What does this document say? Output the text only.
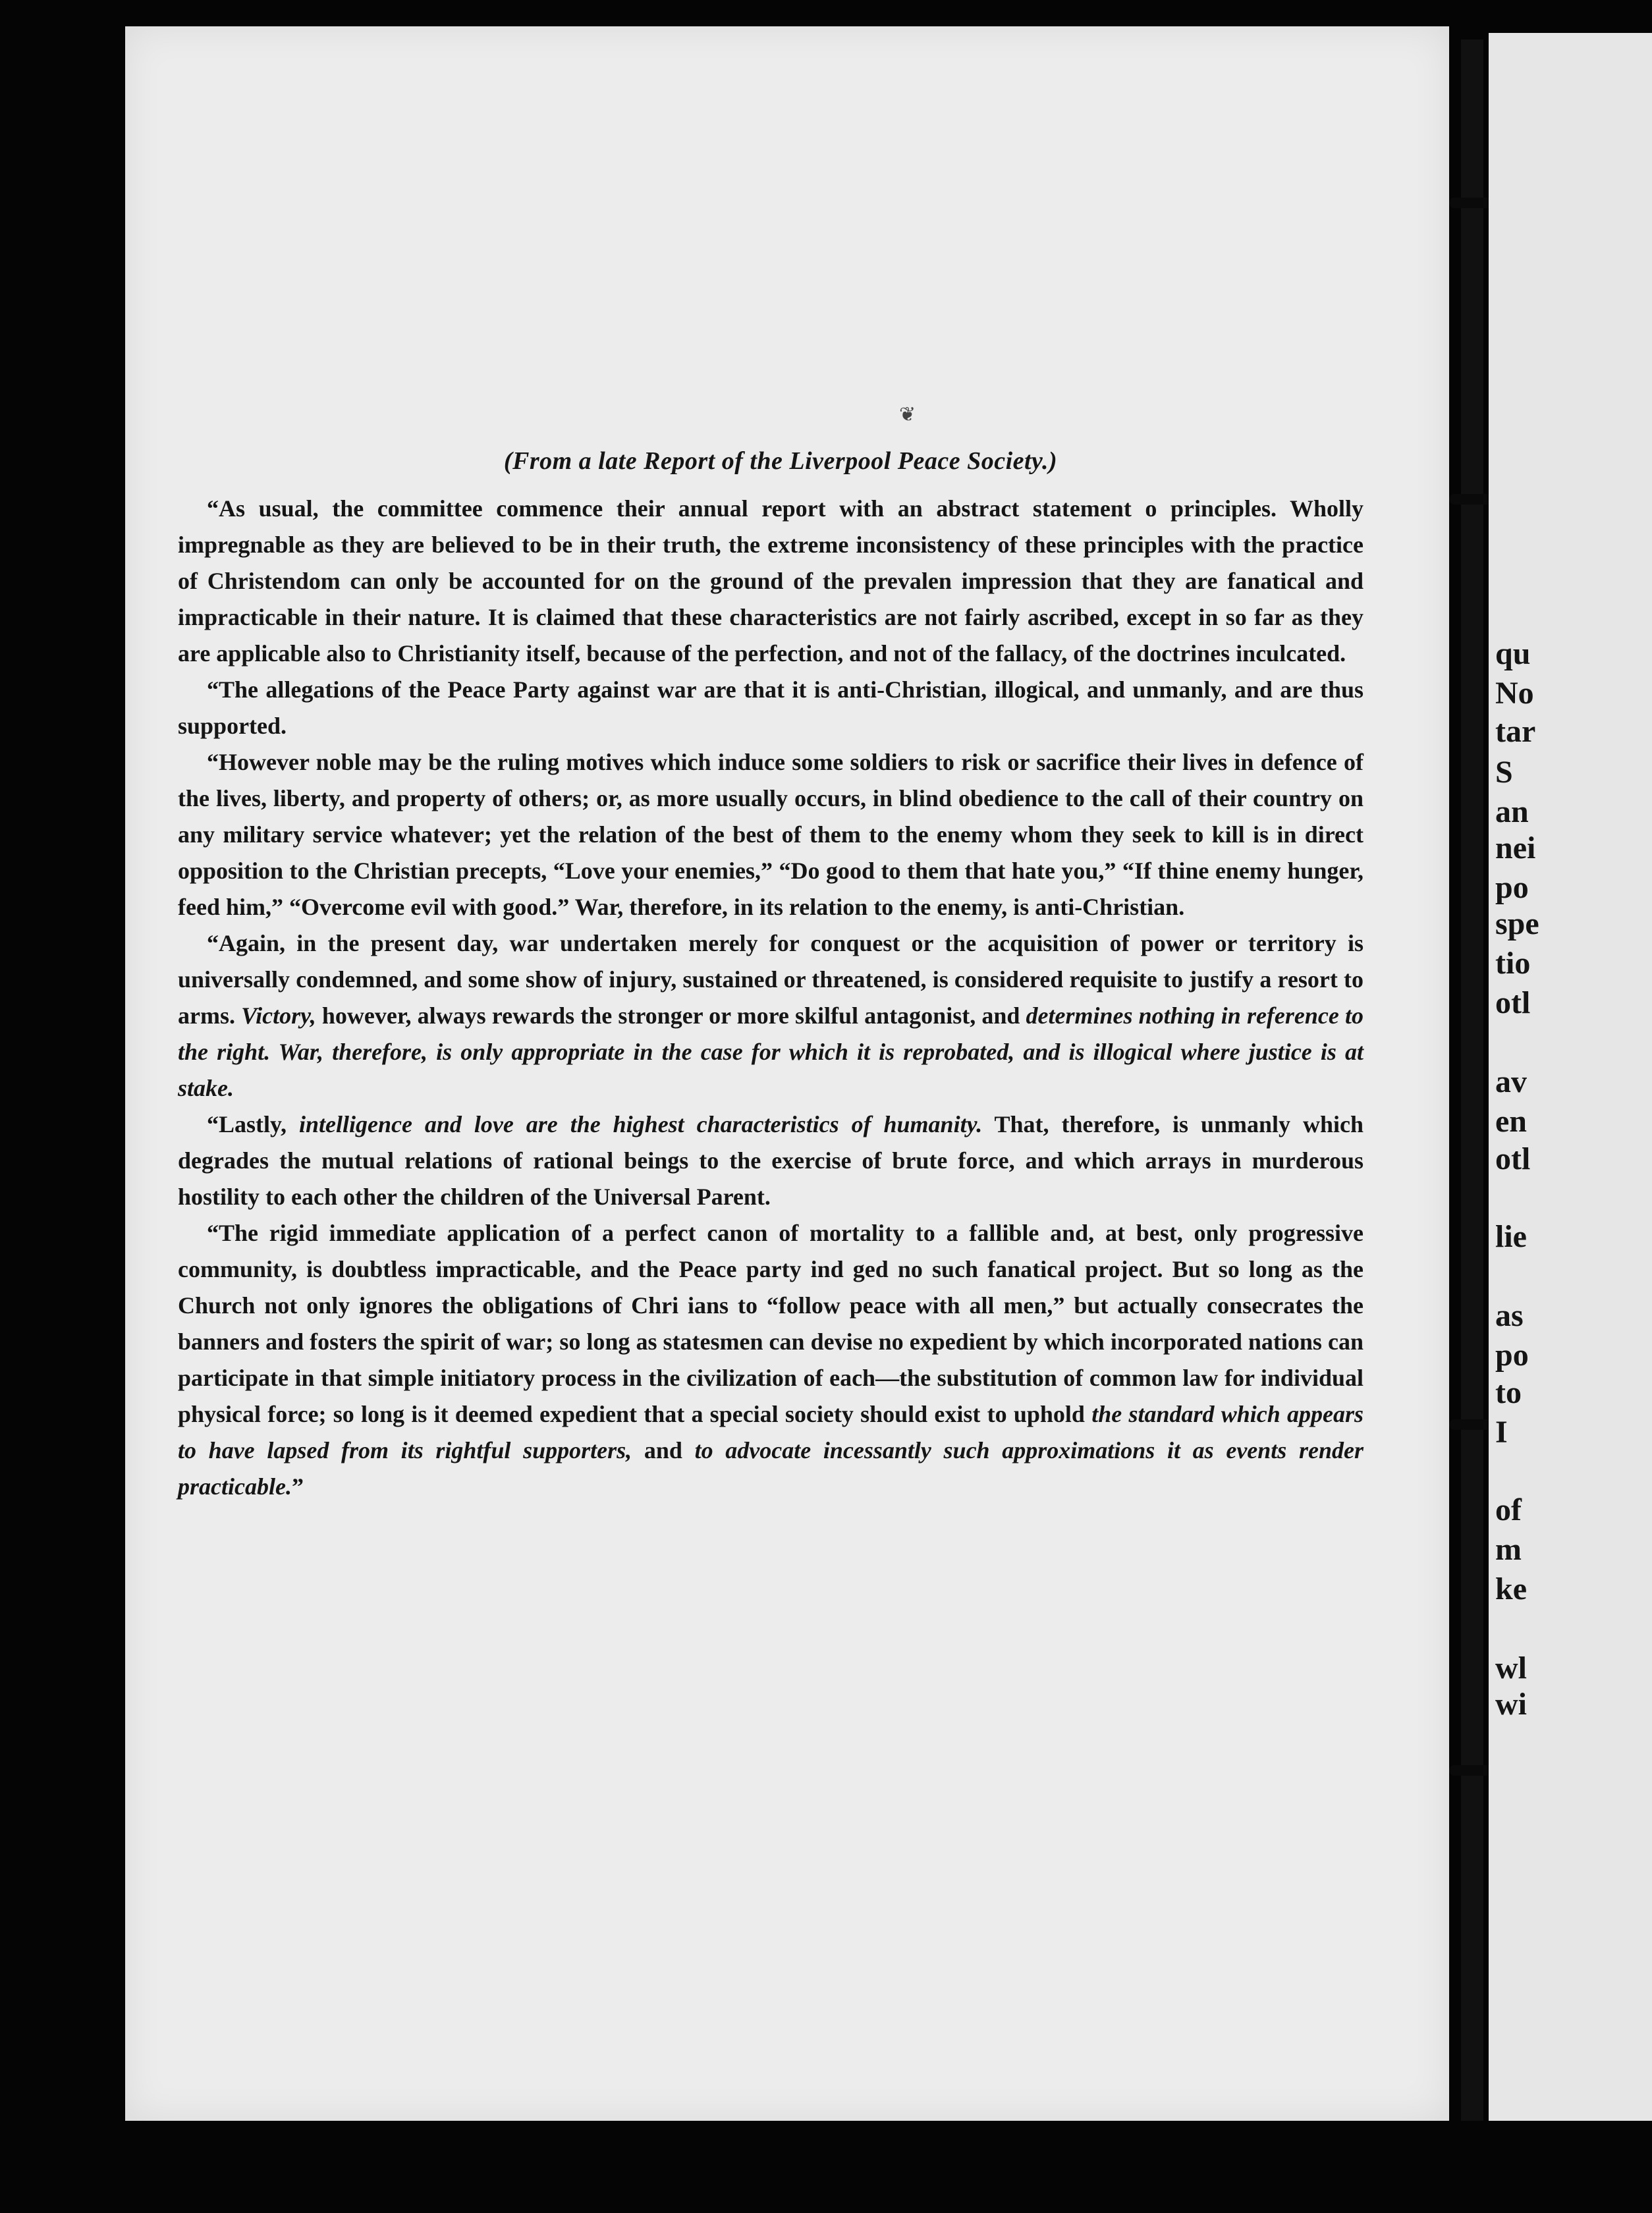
❦
(From a late Report of the Liverpool Peace Society.)

“As usual, the committee commence their annual report with an abstract statement o principles. Wholly impregnable as they are believed to be in their truth, the extreme inconsistency of these principles with the practice of Christendom can only be accounted for on the ground of the prevalen impression that they are fanatical and impracticable in their nature. It is claimed that these characteristics are not fairly ascribed, except in so far as they are applicable also to Christianity itself, because of the perfection, and not of the fallacy, of the doctrines inculcated.

“The allegations of the Peace Party against war are that it is anti-Christian, illogical, and unmanly, and are thus supported.

“However noble may be the ruling motives which induce some soldiers to risk or sacrifice their lives in defence of the lives, liberty, and property of others; or, as more usually occurs, in blind obedience to the call of their country on any military service whatever; yet the relation of the best of them to the enemy whom they seek to kill is in direct opposition to the Christian precepts, “Love your enemies,” “Do good to them that hate you,” “If thine enemy hunger, feed him,” “Overcome evil with good.” War, therefore, in its relation to the enemy, is anti-Christian.

“Again, in the present day, war undertaken merely for conquest or the acquisition of power or territory is universally condemned, and some show of injury, sustained or threatened, is considered requisite to justify a resort to arms. Victory, however, always rewards the stronger or more skilful antagonist, and determines nothing in reference to the right. War, therefore, is only appropriate in the case for which it is reprobated, and is illogical where justice is at stake.

“Lastly, intelligence and love are the highest characteristics of humanity. That, therefore, is unmanly which degrades the mutual relations of rational beings to the exercise of brute force, and which arrays in murderous hostility to each other the children of the Universal Parent.

“The rigid immediate application of a perfect canon of mortality to a fallible and, at best, only progressive community, is doubtless impracticable, and the Peace party ind ged no such fanatical project. But so long as the Church not only ignores the obligations of Chri ians to “follow peace with all men,” but actually consecrates the banners and fosters the spirit of war; so long as statesmen can devise no expedient by which incorporated nations can participate in that simple initiatory process in the civilization of each—the substitution of common law for individual physical force; so long is it deemed expedient that a special society should exist to uphold the standard which appears to have lapsed from its rightful supporters, and to advocate incessantly such approximations it as events render practicable.”

qu
No
tar
S
an
nei
po
spe
tio
otl
av
en
otl
lie
as
po
to
I
of
m
ke
wl
wi
